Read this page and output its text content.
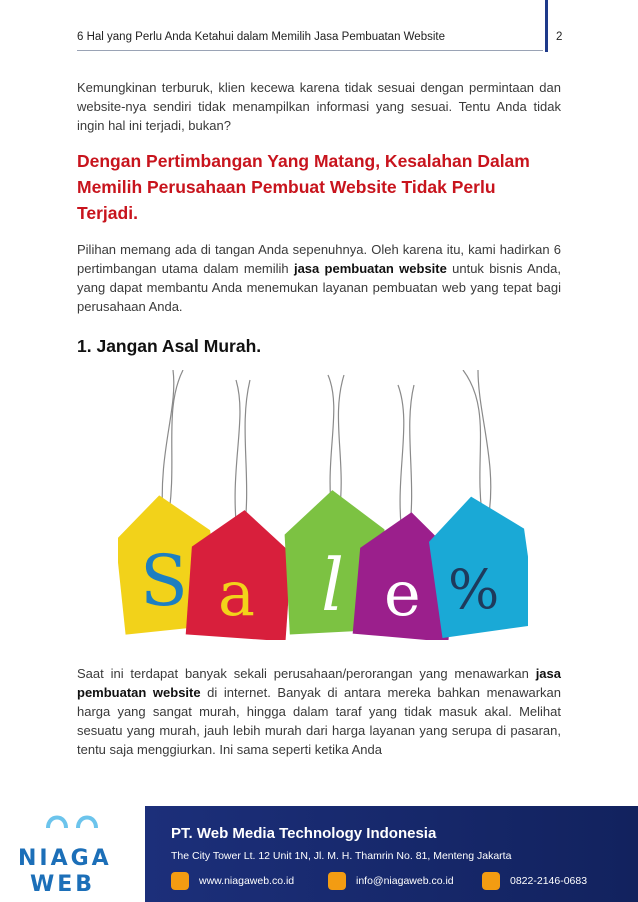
6 Hal yang Perlu Anda Ketahui dalam Memilih Jasa Pembuatan Website	2

Kemungkinan terburuk, klien kecewa karena tidak sesuai dengan permintaan dan website-nya sendiri tidak menampilkan informasi yang sesuai. Tentu Anda tidak ingin hal ini terjadi, bukan?

Dengan Pertimbangan Yang Matang, Kesalahan Dalam Memilih Perusahaan Pembuat Website Tidak Perlu Terjadi.

Pilihan memang ada di tangan Anda sepenuhnya. Oleh karena itu, kami hadirkan 6 pertimbangan utama dalam memilih jasa pembuatan website untuk bisnis Anda, yang dapat membantu Anda menemukan layanan pembuatan web yang tepat bagi perusahaan Anda.

1. Jangan Asal Murah.
S a l e %

Saat ini terdapat banyak sekali perusahaan/perorangan yang menawarkan jasa pembuatan website di internet. Banyak di antara mereka bahkan menawarkan harga yang sangat murah, hingga dalam taraf yang tidak masuk akal. Melihat sesuatu yang murah, jauh lebih murah dari harga layanan yang serupa di pasaran, tentu saja menggiurkan. Ini sama seperti ketika Anda

NIAGA
WEB
PT. Web Media Technology Indonesia
The City Tower Lt. 12 Unit 1N, Jl. M. H. Thamrin No. 81, Menteng Jakarta
www.niagaweb.co.id	info@niagaweb.co.id	0822-2146-0683
